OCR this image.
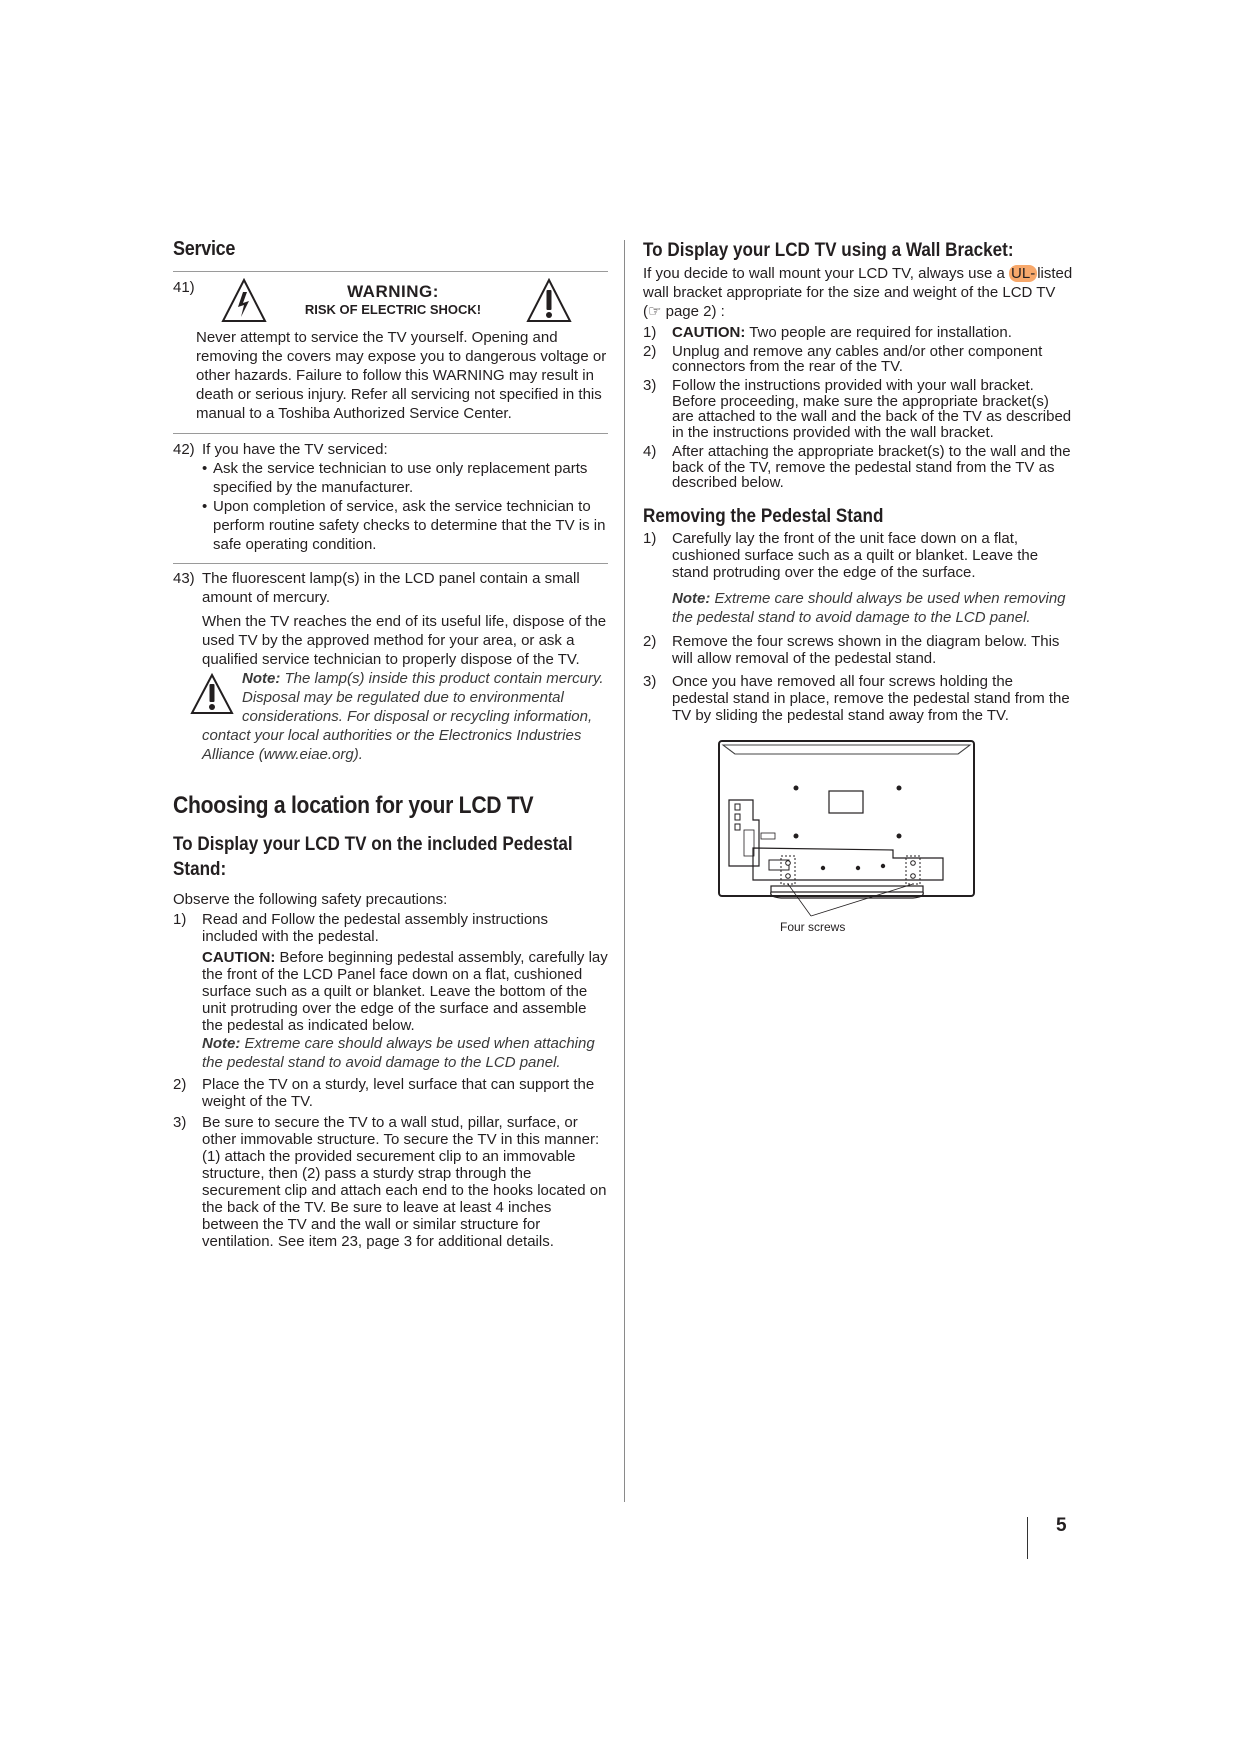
Service
41)	WARNING:
RISK OF ELECTRIC SHOCK!

Never attempt to service the TV yourself. Opening and removing the covers may expose you to dangerous voltage or other hazards. Failure to follow this WARNING may result in death or serious injury. Refer all servicing not specified in this manual to a Toshiba Authorized Service Center.

42) If you have the TV serviced:
• Ask the service technician to use only replacement parts specified by the manufacturer.
• Upon completion of service, ask the service technician to perform routine safety checks to determine that the TV is in safe operating condition.
43) The fluorescent lamp(s) in the LCD panel contain a small amount of mercury.

When the TV reaches the end of its useful life, dispose of the used TV by the approved method for your area, or ask a qualified service technician to properly dispose of the TV.

Note: The lamp(s) inside this product contain mercury. Disposal may be regulated due to environmental considerations. For disposal or recycling information, contact your local authorities or the Electronics Industries Alliance (www.eiae.org).
Choosing a location for your LCD TV
To Display your LCD TV on the included Pedestal Stand:

Observe the following safety precautions:

1)	Read and Follow the pedestal assembly instructions included with the pedestal.
CAUTION: Before beginning pedestal assembly, carefully lay the front of the LCD Panel face down on a flat, cushioned surface such as a quilt or blanket. Leave the bottom of the unit protruding over the edge of the surface and assemble the pedestal as indicated below.
Note: Extreme care should always be used when attaching the pedestal stand to avoid damage to the LCD panel.
2)	Place the TV on a sturdy, level surface that can support the weight of the TV.
3)	Be sure to secure the TV to a wall stud, pillar, surface, or other immovable structure. To secure the TV in this manner: (1) attach the provided securement clip to an immovable structure, then (2) pass a sturdy strap through the securement clip and attach each end to the hooks located on the back of the TV. Be sure to leave at least 4 inches between the TV and the wall or similar structure for ventilation. See item 23, page 3 for additional details.
To Display your LCD TV using a Wall Bracket:

If you decide to wall mount your LCD TV, always use a UL- listed wall bracket appropriate for the size and weight of the LCD TV (☞ page 2) :

1)	CAUTION: Two people are required for installation.
2)	Unplug and remove any cables and/or other component connectors from the rear of the TV.
3)	Follow the instructions provided with your wall bracket. Before proceeding, make sure the appropriate bracket(s) are attached to the wall and the back of the TV as described in the instructions provided with the wall bracket.
4)	After attaching the appropriate bracket(s) to the wall and the back of the TV, remove the pedestal stand from the TV as described below.
Removing the Pedestal Stand
1)	Carefully lay the front of the unit face down on a flat, cushioned surface such as a quilt or blanket. Leave the stand protruding over the edge of the surface.
Note: Extreme care should always be used when removing the pedestal stand to avoid damage to the LCD panel.
2)	Remove the four screws shown in the diagram below. This will allow removal of the pedestal stand.
3)	Once you have removed all four screws holding the pedestal stand in place, remove the pedestal stand from the TV by sliding the pedestal stand away from the TV.
Four screws
5
